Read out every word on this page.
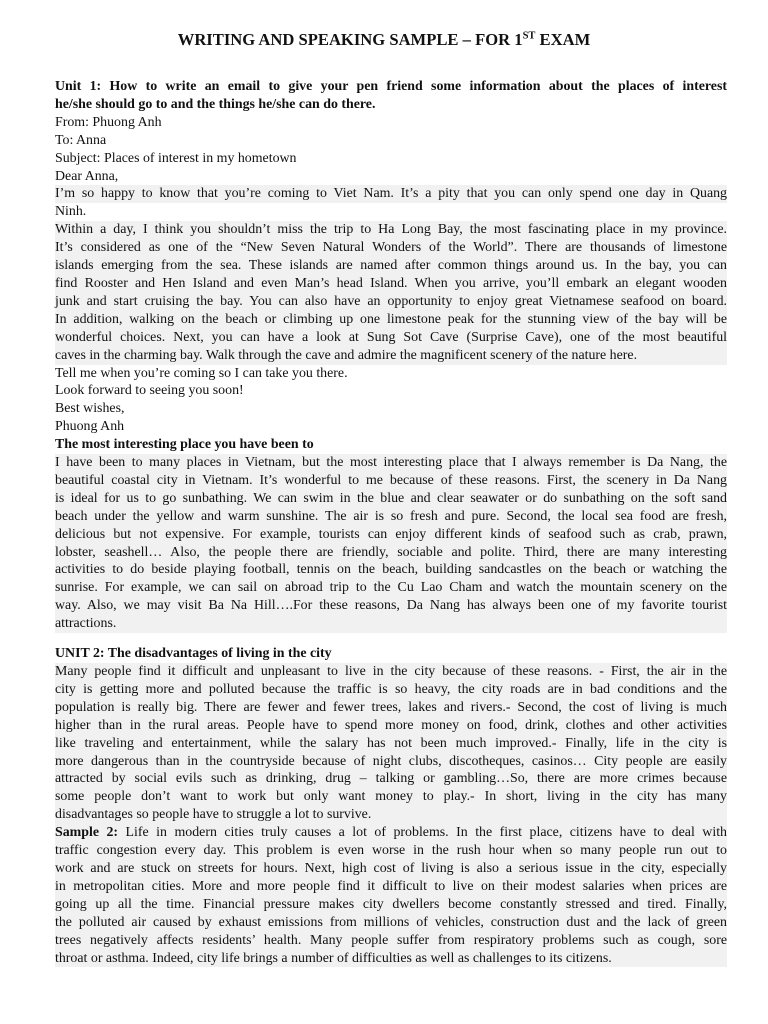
WRITING AND SPEAKING SAMPLE – FOR 1ST EXAM
Unit 1: How to write an email to give your pen friend some information about the places of interest
he/she should go to and the things he/she can do there.
From: Phuong Anh
To: Anna
Subject: Places of interest in my hometown
Dear Anna,
I’m so happy to know that you’re coming to Viet Nam. It’s a pity that you can only spend one day in Quang
Ninh.
Within a day, I think you shouldn’t miss the trip to Ha Long Bay, the most fascinating place in my province.
It’s considered as one of the “New Seven Natural Wonders of the World”. There are thousands of limestone
islands emerging from the sea. These islands are named after common things around us. In the bay, you can
find Rooster and Hen Island and even Man’s head Island. When you arrive, you’ll embark an elegant wooden
junk and start cruising the bay. You can also have an opportunity to enjoy great Vietnamese seafood on board.
In addition, walking on the beach or climbing up one limestone peak for the stunning view of the bay will be
wonderful choices. Next, you can have a look at Sung Sot Cave (Surprise Cave), one of the most beautiful
caves in the charming bay. Walk through the cave and admire the magnificent scenery of the nature here.
Tell me when you’re coming so I can take you there.
Look forward to seeing you soon!
Best wishes,
Phuong Anh
The most interesting place you have been to
I have been to many places in Vietnam, but the most interesting place that I always remember is Da Nang, the
beautiful coastal city in Vietnam. It’s wonderful to me because of these reasons. First, the scenery in Da Nang
is ideal for us to go sunbathing. We can swim in the blue and clear seawater or do sunbathing on the soft sand
beach under the yellow and warm sunshine. The air is so fresh and pure. Second, the local sea food are fresh,
delicious but not expensive. For example, tourists can enjoy different kinds of seafood such as crab, prawn,
lobster, seashell… Also, the people there are friendly, sociable and polite. Third, there are many interesting
activities to do beside playing football, tennis on the beach, building sandcastles on the beach or watching the
sunrise. For example, we can sail on abroad trip to the Cu Lao Cham and watch the mountain scenery on the
way. Also, we may visit Ba Na Hill….For these reasons, Da Nang has always been one of my favorite tourist
attractions.
UNIT 2: The disadvantages of living in the city
Many people find it difficult and unpleasant to live in the city because of these reasons. - First, the air in the
city is getting more and polluted because the traffic is so heavy, the city roads are in bad conditions and the
population is really big. There are fewer and fewer trees, lakes and rivers.- Second, the cost of living is much
higher than in the rural areas. People have to spend more money on food, drink, clothes and other activities
like traveling and entertainment, while the salary has not been much improved.- Finally, life in the city is
more dangerous than in the countryside because of night clubs, discotheques, casinos… City people are easily
attracted by social evils such as drinking, drug – talking or gambling…So, there are more crimes because
some people don’t want to work but only want money to play.- In short, living in the city has many
disadvantages so people have to struggle a lot to survive.
Sample 2: Life in modern cities truly causes a lot of problems. In the first place, citizens have to deal with
traffic congestion every day. This problem is even worse in the rush hour when so many people run out to
work and are stuck on streets for hours. Next, high cost of living is also a serious issue in the city, especially
in metropolitan cities. More and more people find it difficult to live on their modest salaries when prices are
going up all the time. Financial pressure makes city dwellers become constantly stressed and tired. Finally,
the polluted air caused by exhaust emissions from millions of vehicles, construction dust and the lack of green
trees negatively affects residents’ health. Many people suffer from respiratory problems such as cough, sore
throat or asthma. Indeed, city life brings a number of difficulties as well as challenges to its citizens.
